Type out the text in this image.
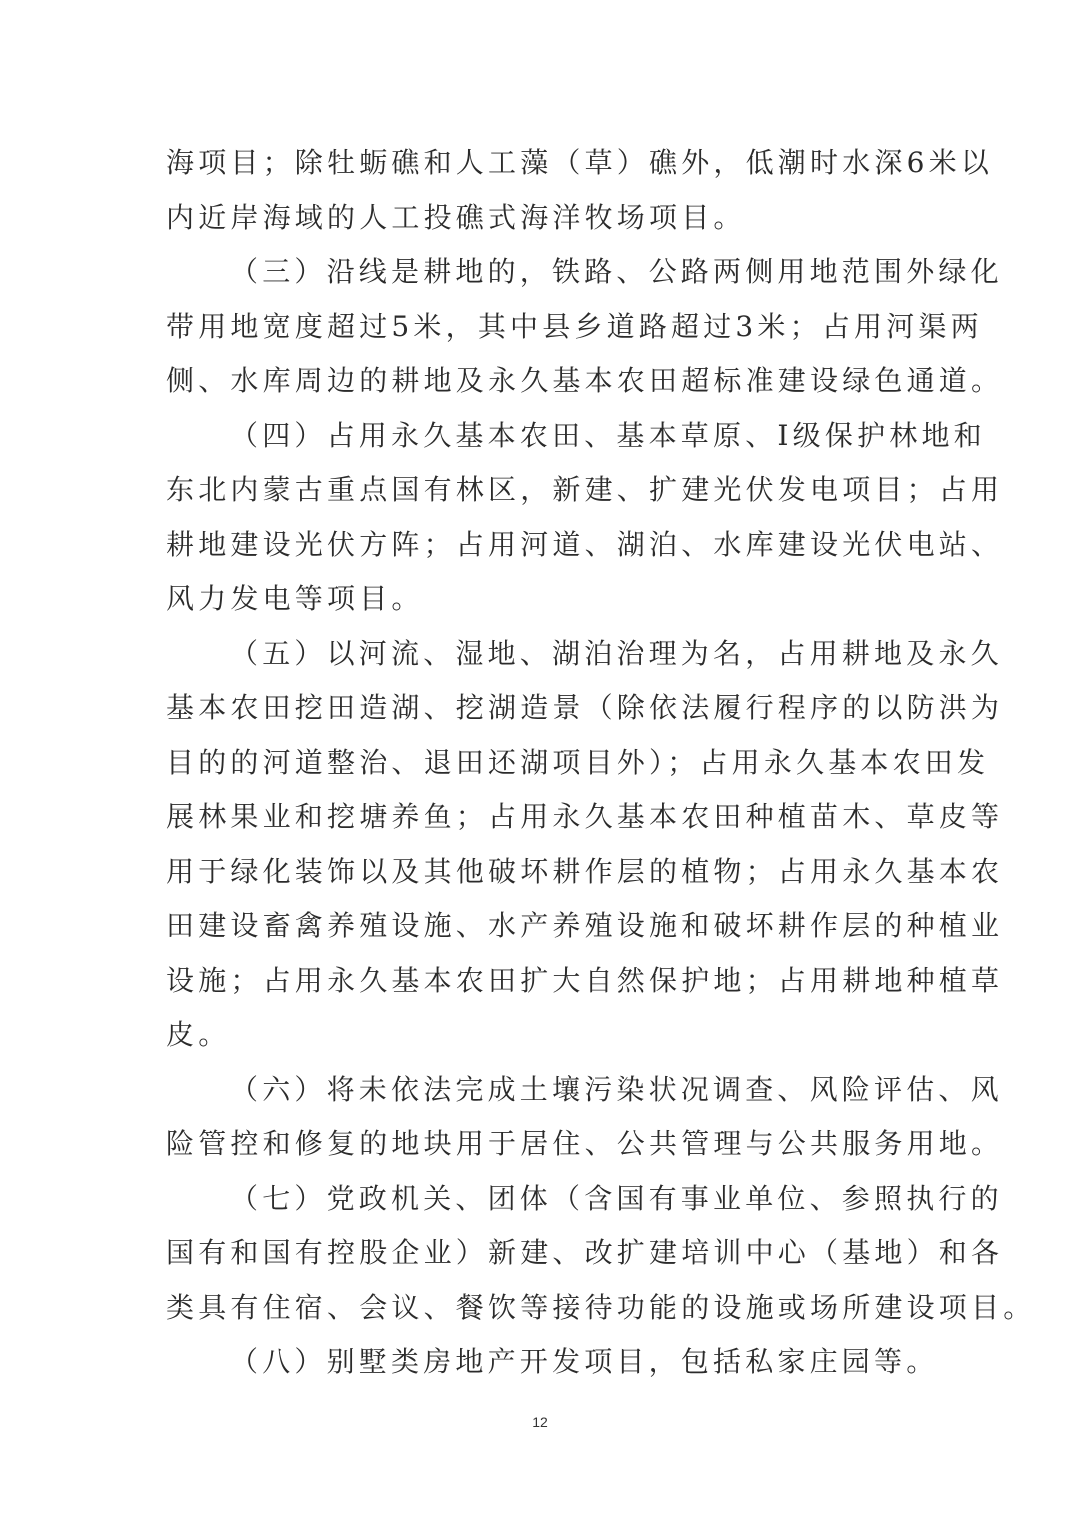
海项目；除牡蛎礁和人工藻（草）礁外，低潮时水深6米以
内近岸海域的人工投礁式海洋牧场项目。
（三）沿线是耕地的，铁路、公路两侧用地范围外绿化
带用地宽度超过5米，其中县乡道路超过3米；占用河渠两
侧、水库周边的耕地及永久基本农田超标准建设绿色通道。
（四）占用永久基本农田、基本草原、Ⅰ级保护林地和
东北内蒙古重点国有林区，新建、扩建光伏发电项目；占用
耕地建设光伏方阵；占用河道、湖泊、水库建设光伏电站、
风力发电等项目。
（五）以河流、湿地、湖泊治理为名，占用耕地及永久
基本农田挖田造湖、挖湖造景（除依法履行程序的以防洪为
目的的河道整治、退田还湖项目外）；占用永久基本农田发
展林果业和挖塘养鱼；占用永久基本农田种植苗木、草皮等
用于绿化装饰以及其他破坏耕作层的植物；占用永久基本农
田建设畜禽养殖设施、水产养殖设施和破坏耕作层的种植业
设施；占用永久基本农田扩大自然保护地；占用耕地种植草
皮。
（六）将未依法完成土壤污染状况调查、风险评估、风
险管控和修复的地块用于居住、公共管理与公共服务用地。
（七）党政机关、团体（含国有事业单位、参照执行的
国有和国有控股企业）新建、改扩建培训中心（基地）和各
类具有住宿、会议、餐饮等接待功能的设施或场所建设项目。
（八）别墅类房地产开发项目，包括私家庄园等。
12
